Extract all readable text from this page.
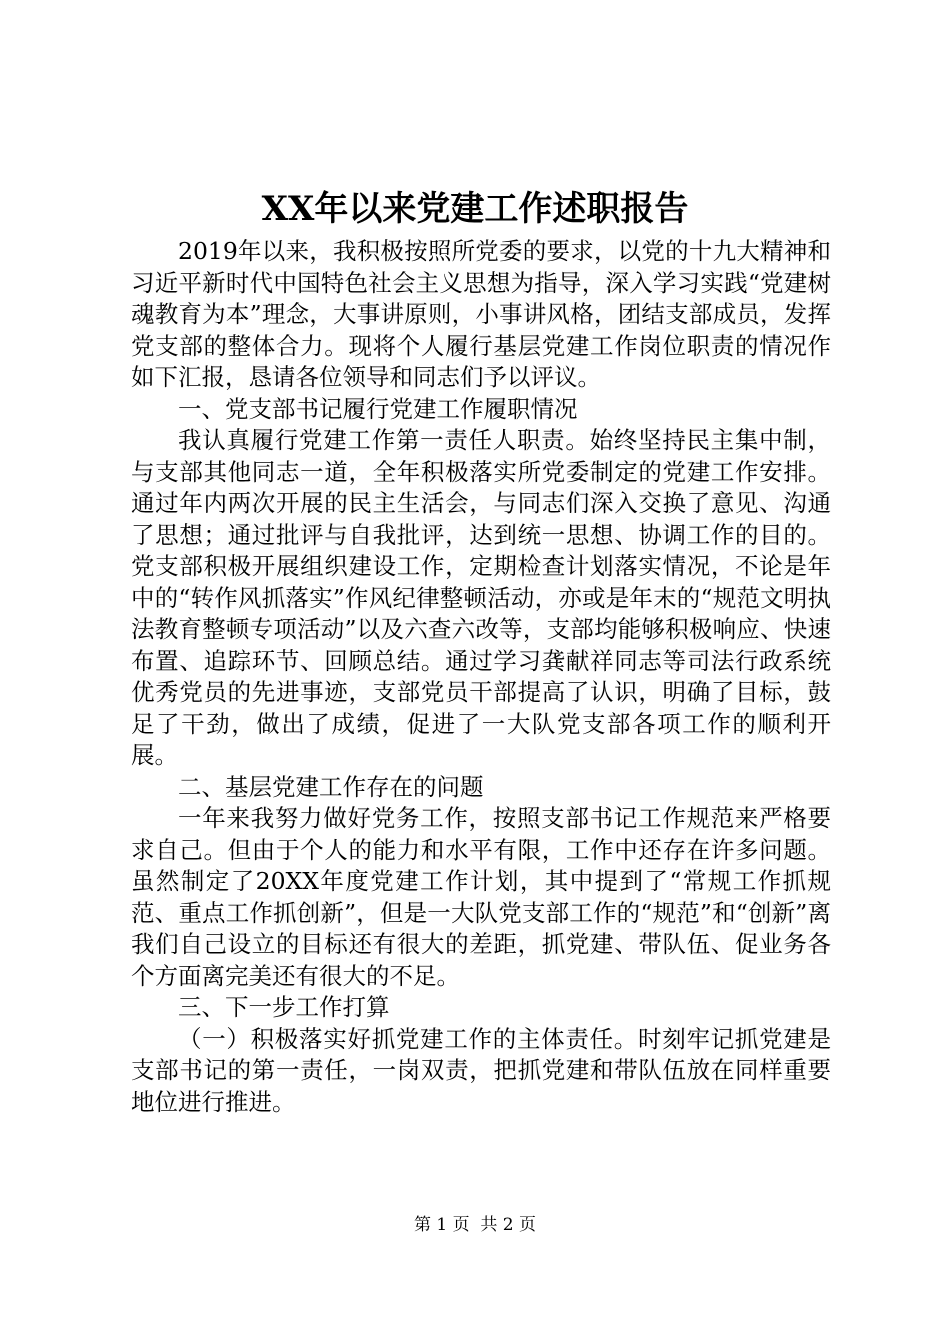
XX年以来党建工作述职报告

2019年以来，我积极按照所党委的要求，以党的十九大精神和习近平新时代中国特色社会主义思想为指导，深入学习实践“党建树魂教育为本”理念，大事讲原则，小事讲风格，团结支部成员，发挥党支部的整体合力。现将个人履行基层党建工作岗位职责的情况作如下汇报，恳请各位领导和同志们予以评议。

一、党支部书记履行党建工作履职情况

我认真履行党建工作第一责任人职责。始终坚持民主集中制，与支部其他同志一道，全年积极落实所党委制定的党建工作安排。通过年内两次开展的民主生活会，与同志们深入交换了意见、沟通了思想；通过批评与自我批评，达到统一思想、协调工作的目的。党支部积极开展组织建设工作，定期检查计划落实情况，不论是年中的“转作风抓落实”作风纪律整顿活动，亦或是年末的“规范文明执法教育整顿专项活动”以及六查六改等，支部均能够积极响应、快速布置、追踪环节、回顾总结。通过学习龚献祥同志等司法行政系统优秀党员的先进事迹，支部党员干部提高了认识，明确了目标，鼓足了干劲，做出了成绩，促进了一大队党支部各项工作的顺利开展。

二、基层党建工作存在的问题

一年来我努力做好党务工作，按照支部书记工作规范来严格要求自己。但由于个人的能力和水平有限，工作中还存在许多问题。虽然制定了20XX年度党建工作计划，其中提到了“常规工作抓规范、重点工作抓创新”，但是一大队党支部工作的“规范”和“创新”离我们自己设立的目标还有很大的差距，抓党建、带队伍、促业务各个方面离完美还有很大的不足。

三、下一步工作打算

（一）积极落实好抓党建工作的主体责任。时刻牢记抓党建是支部书记的第一责任，一岗双责，把抓党建和带队伍放在同样重要地位进行推进。

第 1 页  共 2 页
